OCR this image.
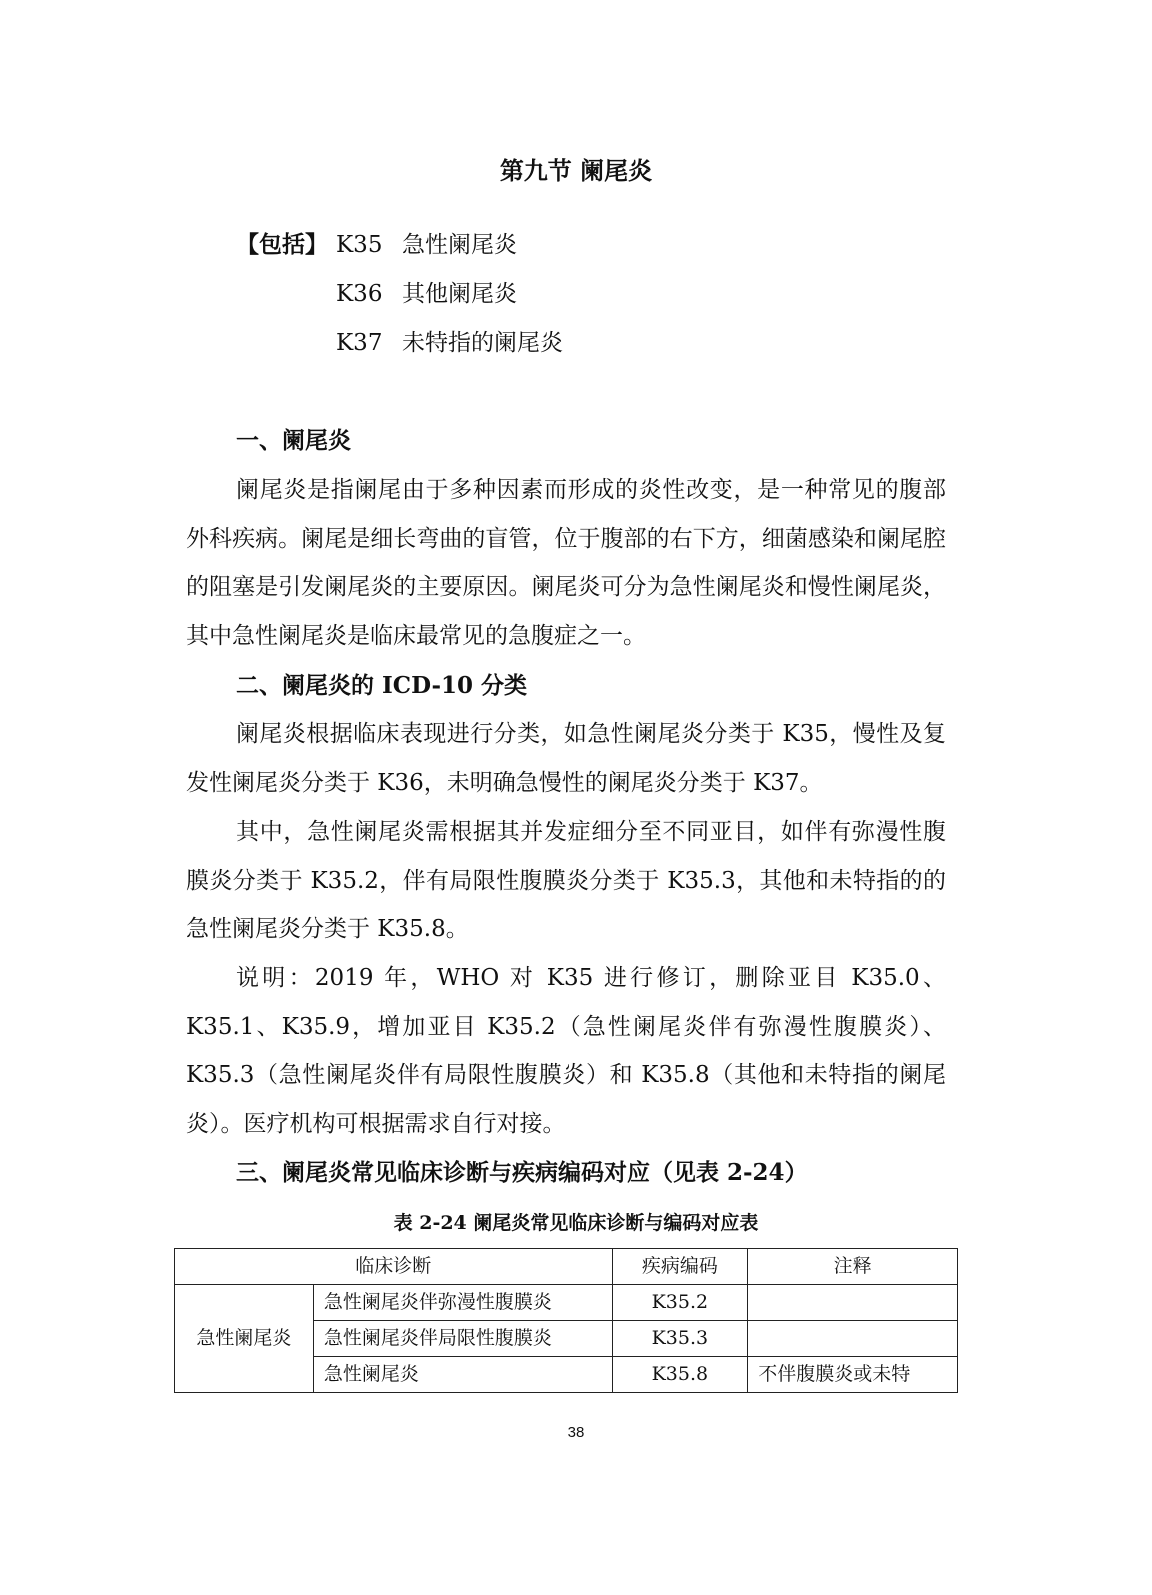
第九节 阑尾炎
【包括】 K35 急性阑尾炎
K36 其他阑尾炎
K37 未特指的阑尾炎
一、阑尾炎

阑尾炎是指阑尾由于多种因素而形成的炎性改变，是一种常见的腹部外科疾病。阑尾是细长弯曲的盲管，位于腹部的右下方，细菌感染和阑尾腔的阻塞是引发阑尾炎的主要原因。阑尾炎可分为急性阑尾炎和慢性阑尾炎，其中急性阑尾炎是临床最常见的急腹症之一。

二、阑尾炎的 ICD-10 分类

阑尾炎根据临床表现进行分类，如急性阑尾炎分类于 K35，慢性及复发性阑尾炎分类于 K36，未明确急慢性的阑尾炎分类于 K37。

其中，急性阑尾炎需根据其并发症细分至不同亚目，如伴有弥漫性腹膜炎分类于 K35.2，伴有局限性腹膜炎分类于 K35.3，其他和未特指的的急性阑尾炎分类于 K35.8。

说明：2019 年，WHO 对 K35 进行修订，删除亚目 K35.0、K35.1、K35.9，增加亚目 K35.2（急性阑尾炎伴有弥漫性腹膜炎）、K35.3（急性阑尾炎伴有局限性腹膜炎）和 K35.8（其他和未特指的阑尾炎）。医疗机构可根据需求自行对接。

三、阑尾炎常见临床诊断与疾病编码对应（见表 2-24）
表 2-24 阑尾炎常见临床诊断与编码对应表
临床诊断		疾病编码	注释
急性阑尾炎	急性阑尾炎伴弥漫性腹膜炎	K35.2	
	急性阑尾炎伴局限性腹膜炎	K35.3	
	急性阑尾炎	K35.8	不伴腹膜炎或未特
38
